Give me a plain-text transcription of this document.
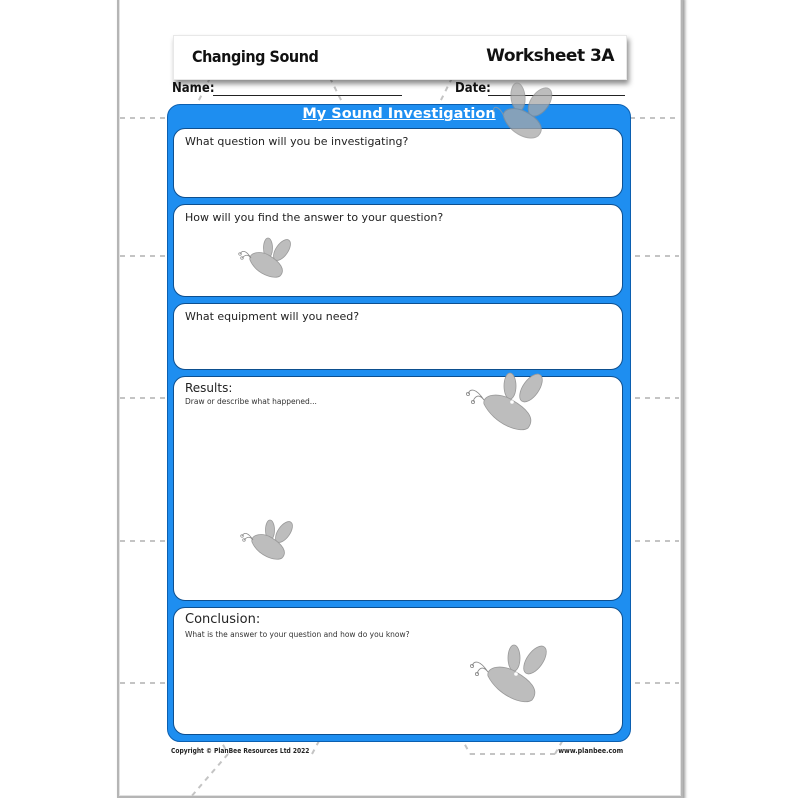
Changing Sound	Worksheet 3A
Name:	Date:
My Sound Investigation
What question will you be investigating?
How will you find the answer to your question?
What equipment will you need?
Results:
Draw or describe what happened...
Conclusion:
What is the answer to your question and how do you know?
Copyright © PlanBee Resources Ltd 2022	www.planbee.com
